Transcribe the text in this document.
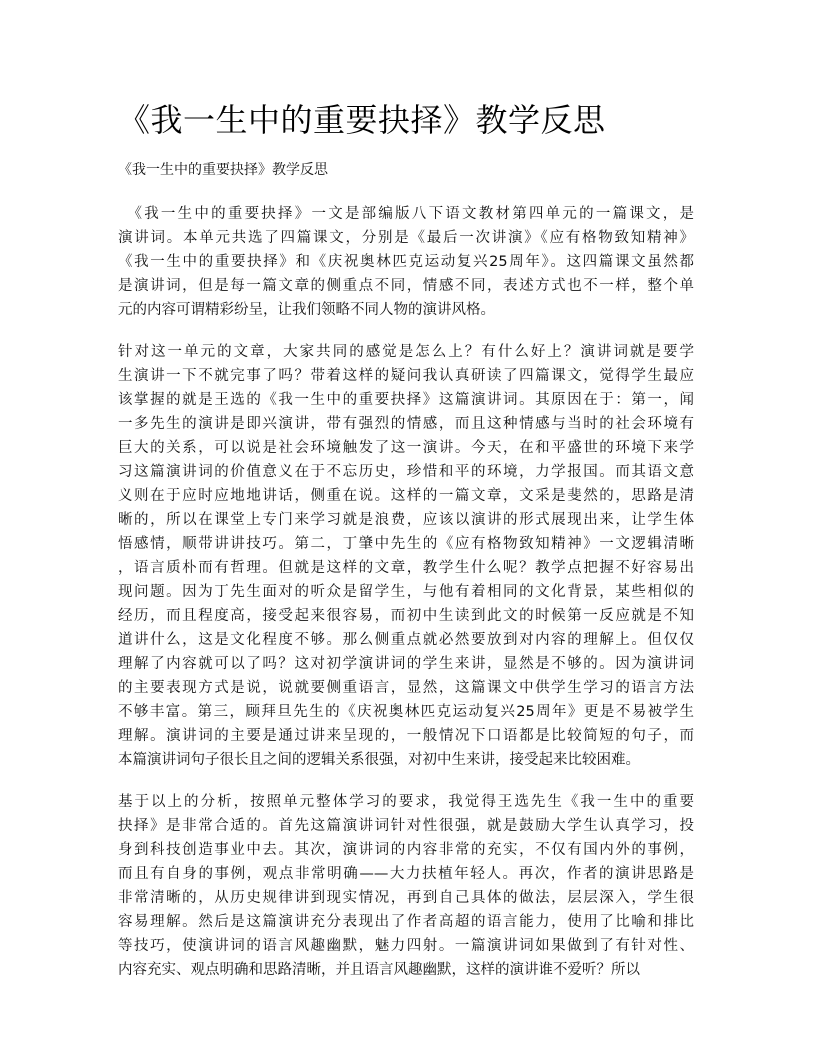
《我一生中的重要抉择》教学反思

《我一生中的重要抉择》教学反思

　《我一生中的重要抉择》一文是部编版八下语文教材第四单元的一篇课文，是
演讲词。本单元共选了四篇课文，分别是《最后一次讲演》《应有格物致知精神》
《我一生中的重要抉择》和《庆祝奥林匹克运动复兴25周年》。这四篇课文虽然都
是演讲词，但是每一篇文章的侧重点不同，情感不同，表述方式也不一样，整个单
元的内容可谓精彩纷呈，让我们领略不同人物的演讲风格。
针对这一单元的文章，大家共同的感觉是怎么上？有什么好上？演讲词就是要学
生演讲一下不就完事了吗？带着这样的疑问我认真研读了四篇课文，觉得学生最应
该掌握的就是王选的《我一生中的重要抉择》这篇演讲词。其原因在于：第一，闻
一多先生的演讲是即兴演讲，带有强烈的情感，而且这种情感与当时的社会环境有
巨大的关系，可以说是社会环境触发了这一演讲。今天，在和平盛世的环境下来学
习这篇演讲词的价值意义在于不忘历史，珍惜和平的环境，力学报国。而其语文意
义则在于应时应地地讲话，侧重在说。这样的一篇文章，文采是斐然的，思路是清
晰的，所以在课堂上专门来学习就是浪费，应该以演讲的形式展现出来，让学生体
悟感情，顺带讲讲技巧。第二，丁肇中先生的《应有格物致知精神》一文逻辑清晰
，语言质朴而有哲理。但就是这样的文章，教学生什么呢？教学点把握不好容易出
现问题。因为丁先生面对的听众是留学生，与他有着相同的文化背景，某些相似的
经历，而且程度高，接受起来很容易，而初中生读到此文的时候第一反应就是不知
道讲什么，这是文化程度不够。那么侧重点就必然要放到对内容的理解上。但仅仅
理解了内容就可以了吗？这对初学演讲词的学生来讲，显然是不够的。因为演讲词
的主要表现方式是说，说就要侧重语言，显然，这篇课文中供学生学习的语言方法
不够丰富。第三，顾拜旦先生的《庆祝奥林匹克运动复兴25周年》更是不易被学生
理解。演讲词的主要是通过讲来呈现的，一般情况下口语都是比较简短的句子，而
本篇演讲词句子很长且之间的逻辑关系很强，对初中生来讲，接受起来比较困难。
基于以上的分析，按照单元整体学习的要求，我觉得王选先生《我一生中的重要
抉择》是非常合适的。首先这篇演讲词针对性很强，就是鼓励大学生认真学习，投
身到科技创造事业中去。其次，演讲词的内容非常的充实，不仅有国内外的事例，
而且有自身的事例，观点非常明确——大力扶植年轻人。再次，作者的演讲思路是
非常清晰的，从历史规律讲到现实情况，再到自己具体的做法，层层深入，学生很
容易理解。然后是这篇演讲充分表现出了作者高超的语言能力，使用了比喻和排比
等技巧，使演讲词的语言风趣幽默，魅力四射。一篇演讲词如果做到了有针对性、
内容充实、观点明确和思路清晰，并且语言风趣幽默，这样的演讲谁不爱听？所以
